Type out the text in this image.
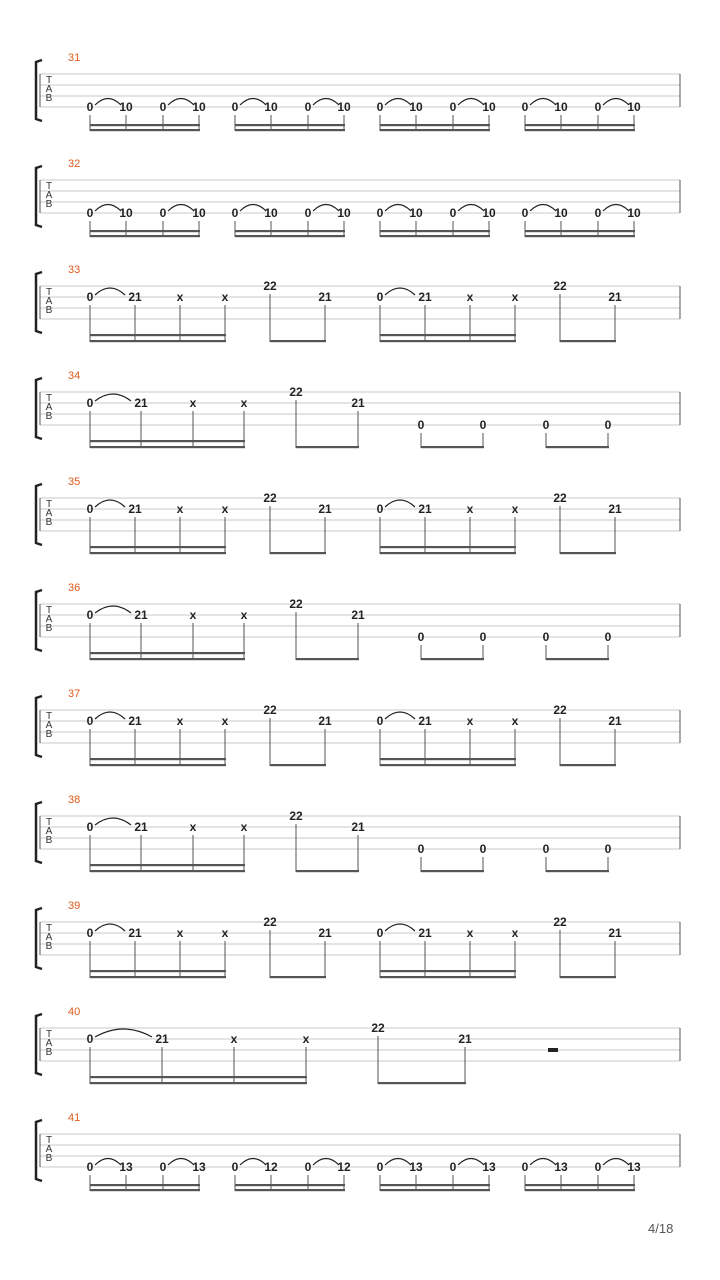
T
A
B
31
0 10 0 10 0 10 0 10 0 10 0 10 0 10 0 10
T
A
B
32
0 10 0 10 0 10 0 10 0 10 0 10 0 10 0 10
T
A
B
33
0	21	x	x
22
21	0	21	x	x
22
21
T
A
B
34
0	21	x	x
22
21
0	0	0	0
T
A
B
35
0	21	x	x
22
21	0	21	x	x
22
21
T
A
B
36
0	21	x	x
22
21
0	0	0	0
T
A
B
37
0	21	x	x
22
21	0	21	x	x
22
21
T
A
B
38
0	21	x	x
22
21
0	0	0	0
T
A
B
39
0	21	x	x
22
21	0	21	x	x
22
21
T
A
B
40
0	21	x	x
22
21
T
A
B
41
0 13 0 13 0 12 0 12 0 13 0 13 0 13 0 13
4/18
